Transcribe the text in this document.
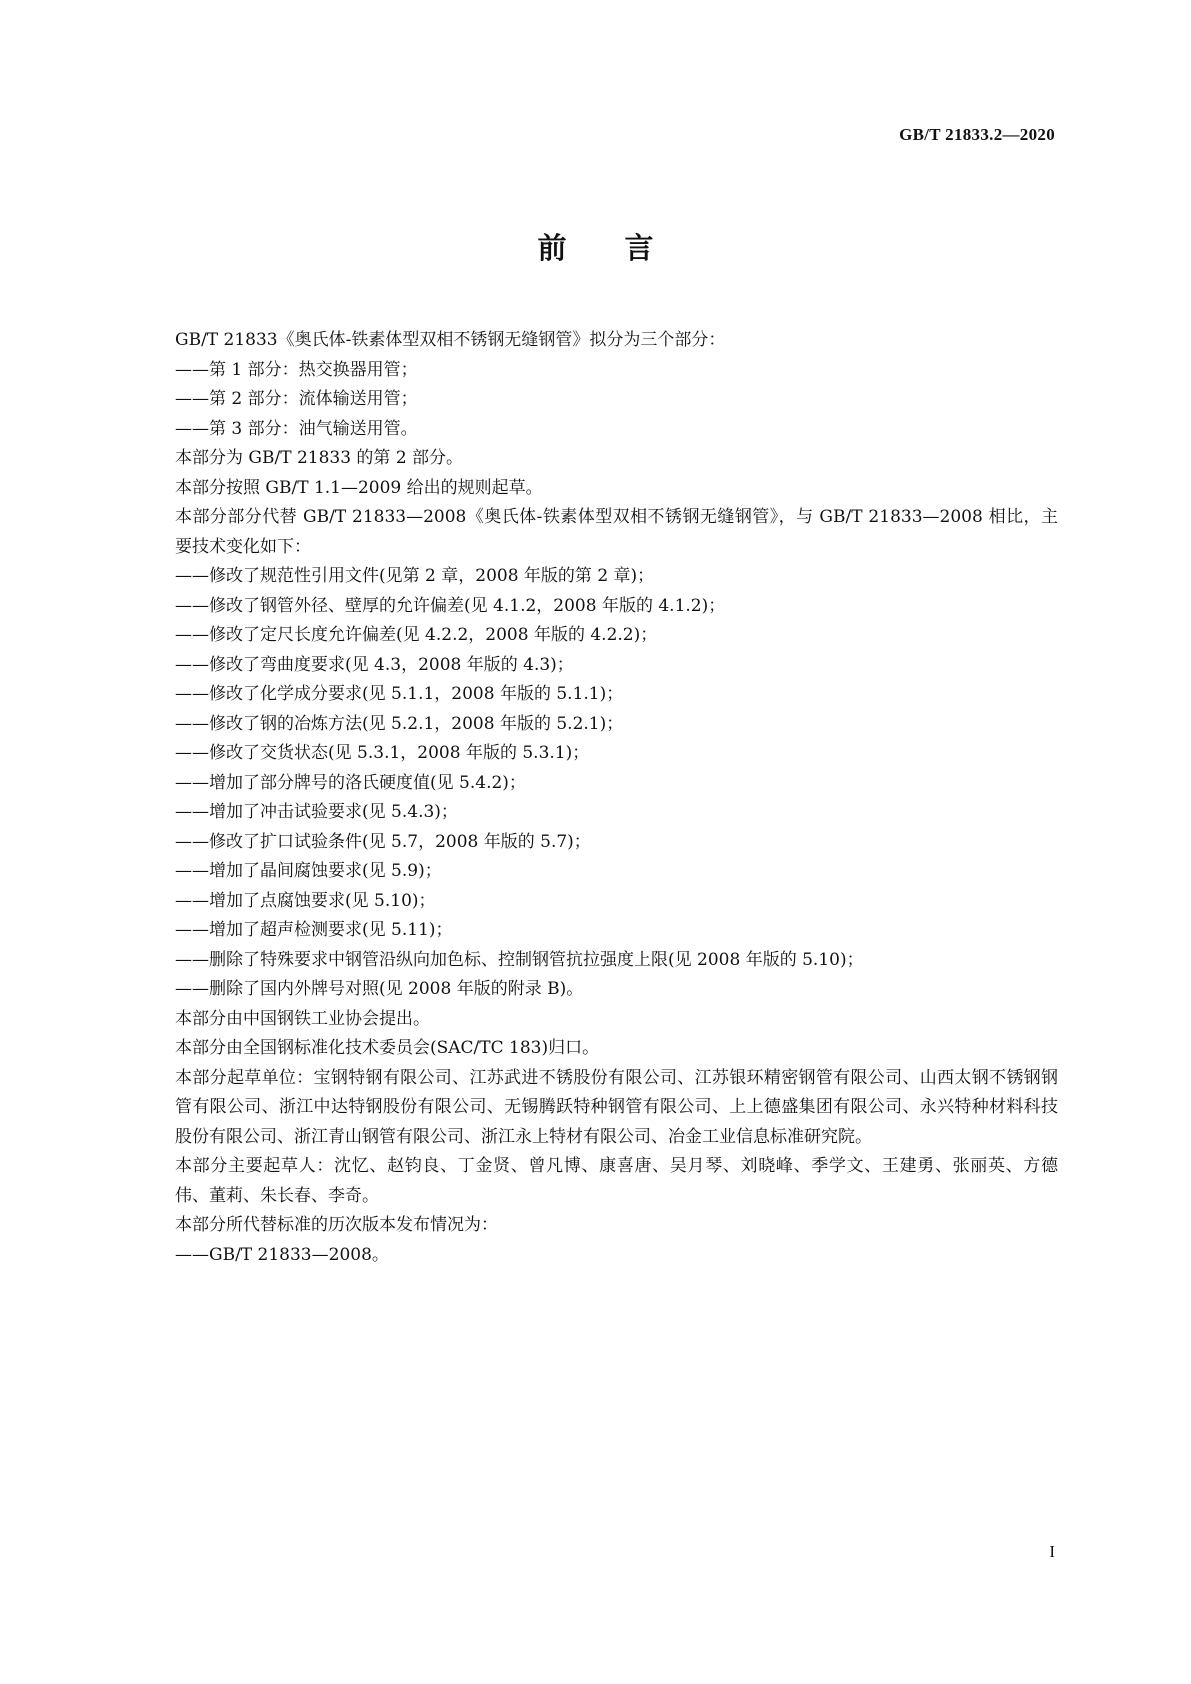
GB/T 21833.2—2020
前　　言

GB/T 21833《奥氏体-铁素体型双相不锈钢无缝钢管》拟分为三个部分：

——第 1 部分：热交换器用管；

——第 2 部分：流体输送用管；

——第 3 部分：油气输送用管。

本部分为 GB/T 21833 的第 2 部分。

本部分按照 GB/T 1.1—2009 给出的规则起草。

本部分部分代替 GB/T 21833—2008《奥氏体-铁素体型双相不锈钢无缝钢管》，与 GB/T 21833—2008 相比，主要技术变化如下：

——修改了规范性引用文件(见第 2 章，2008 年版的第 2 章)；

——修改了钢管外径、壁厚的允许偏差(见 4.1.2，2008 年版的 4.1.2)；

——修改了定尺长度允许偏差(见 4.2.2，2008 年版的 4.2.2)；

——修改了弯曲度要求(见 4.3，2008 年版的 4.3)；

——修改了化学成分要求(见 5.1.1，2008 年版的 5.1.1)；

——修改了钢的冶炼方法(见 5.2.1，2008 年版的 5.2.1)；

——修改了交货状态(见 5.3.1，2008 年版的 5.3.1)；

——增加了部分牌号的洛氏硬度值(见 5.4.2)；

——增加了冲击试验要求(见 5.4.3)；

——修改了扩口试验条件(见 5.7，2008 年版的 5.7)；

——增加了晶间腐蚀要求(见 5.9)；

——增加了点腐蚀要求(见 5.10)；

——增加了超声检测要求(见 5.11)；

——删除了特殊要求中钢管沿纵向加色标、控制钢管抗拉强度上限(见 2008 年版的 5.10)；

——删除了国内外牌号对照(见 2008 年版的附录 B)。

本部分由中国钢铁工业协会提出。

本部分由全国钢标准化技术委员会(SAC/TC 183)归口。

本部分起草单位：宝钢特钢有限公司、江苏武进不锈股份有限公司、江苏银环精密钢管有限公司、山西太钢不锈钢钢管有限公司、浙江中达特钢股份有限公司、无锡腾跃特种钢管有限公司、上上德盛集团有限公司、永兴特种材料科技股份有限公司、浙江青山钢管有限公司、浙江永上特材有限公司、冶金工业信息标准研究院。

本部分主要起草人：沈忆、赵钧良、丁金贤、曾凡博、康喜唐、吴月琴、刘晓峰、季学文、王建勇、张丽英、方德伟、董莉、朱长春、李奇。

本部分所代替标准的历次版本发布情况为：

——GB/T 21833—2008。

I
